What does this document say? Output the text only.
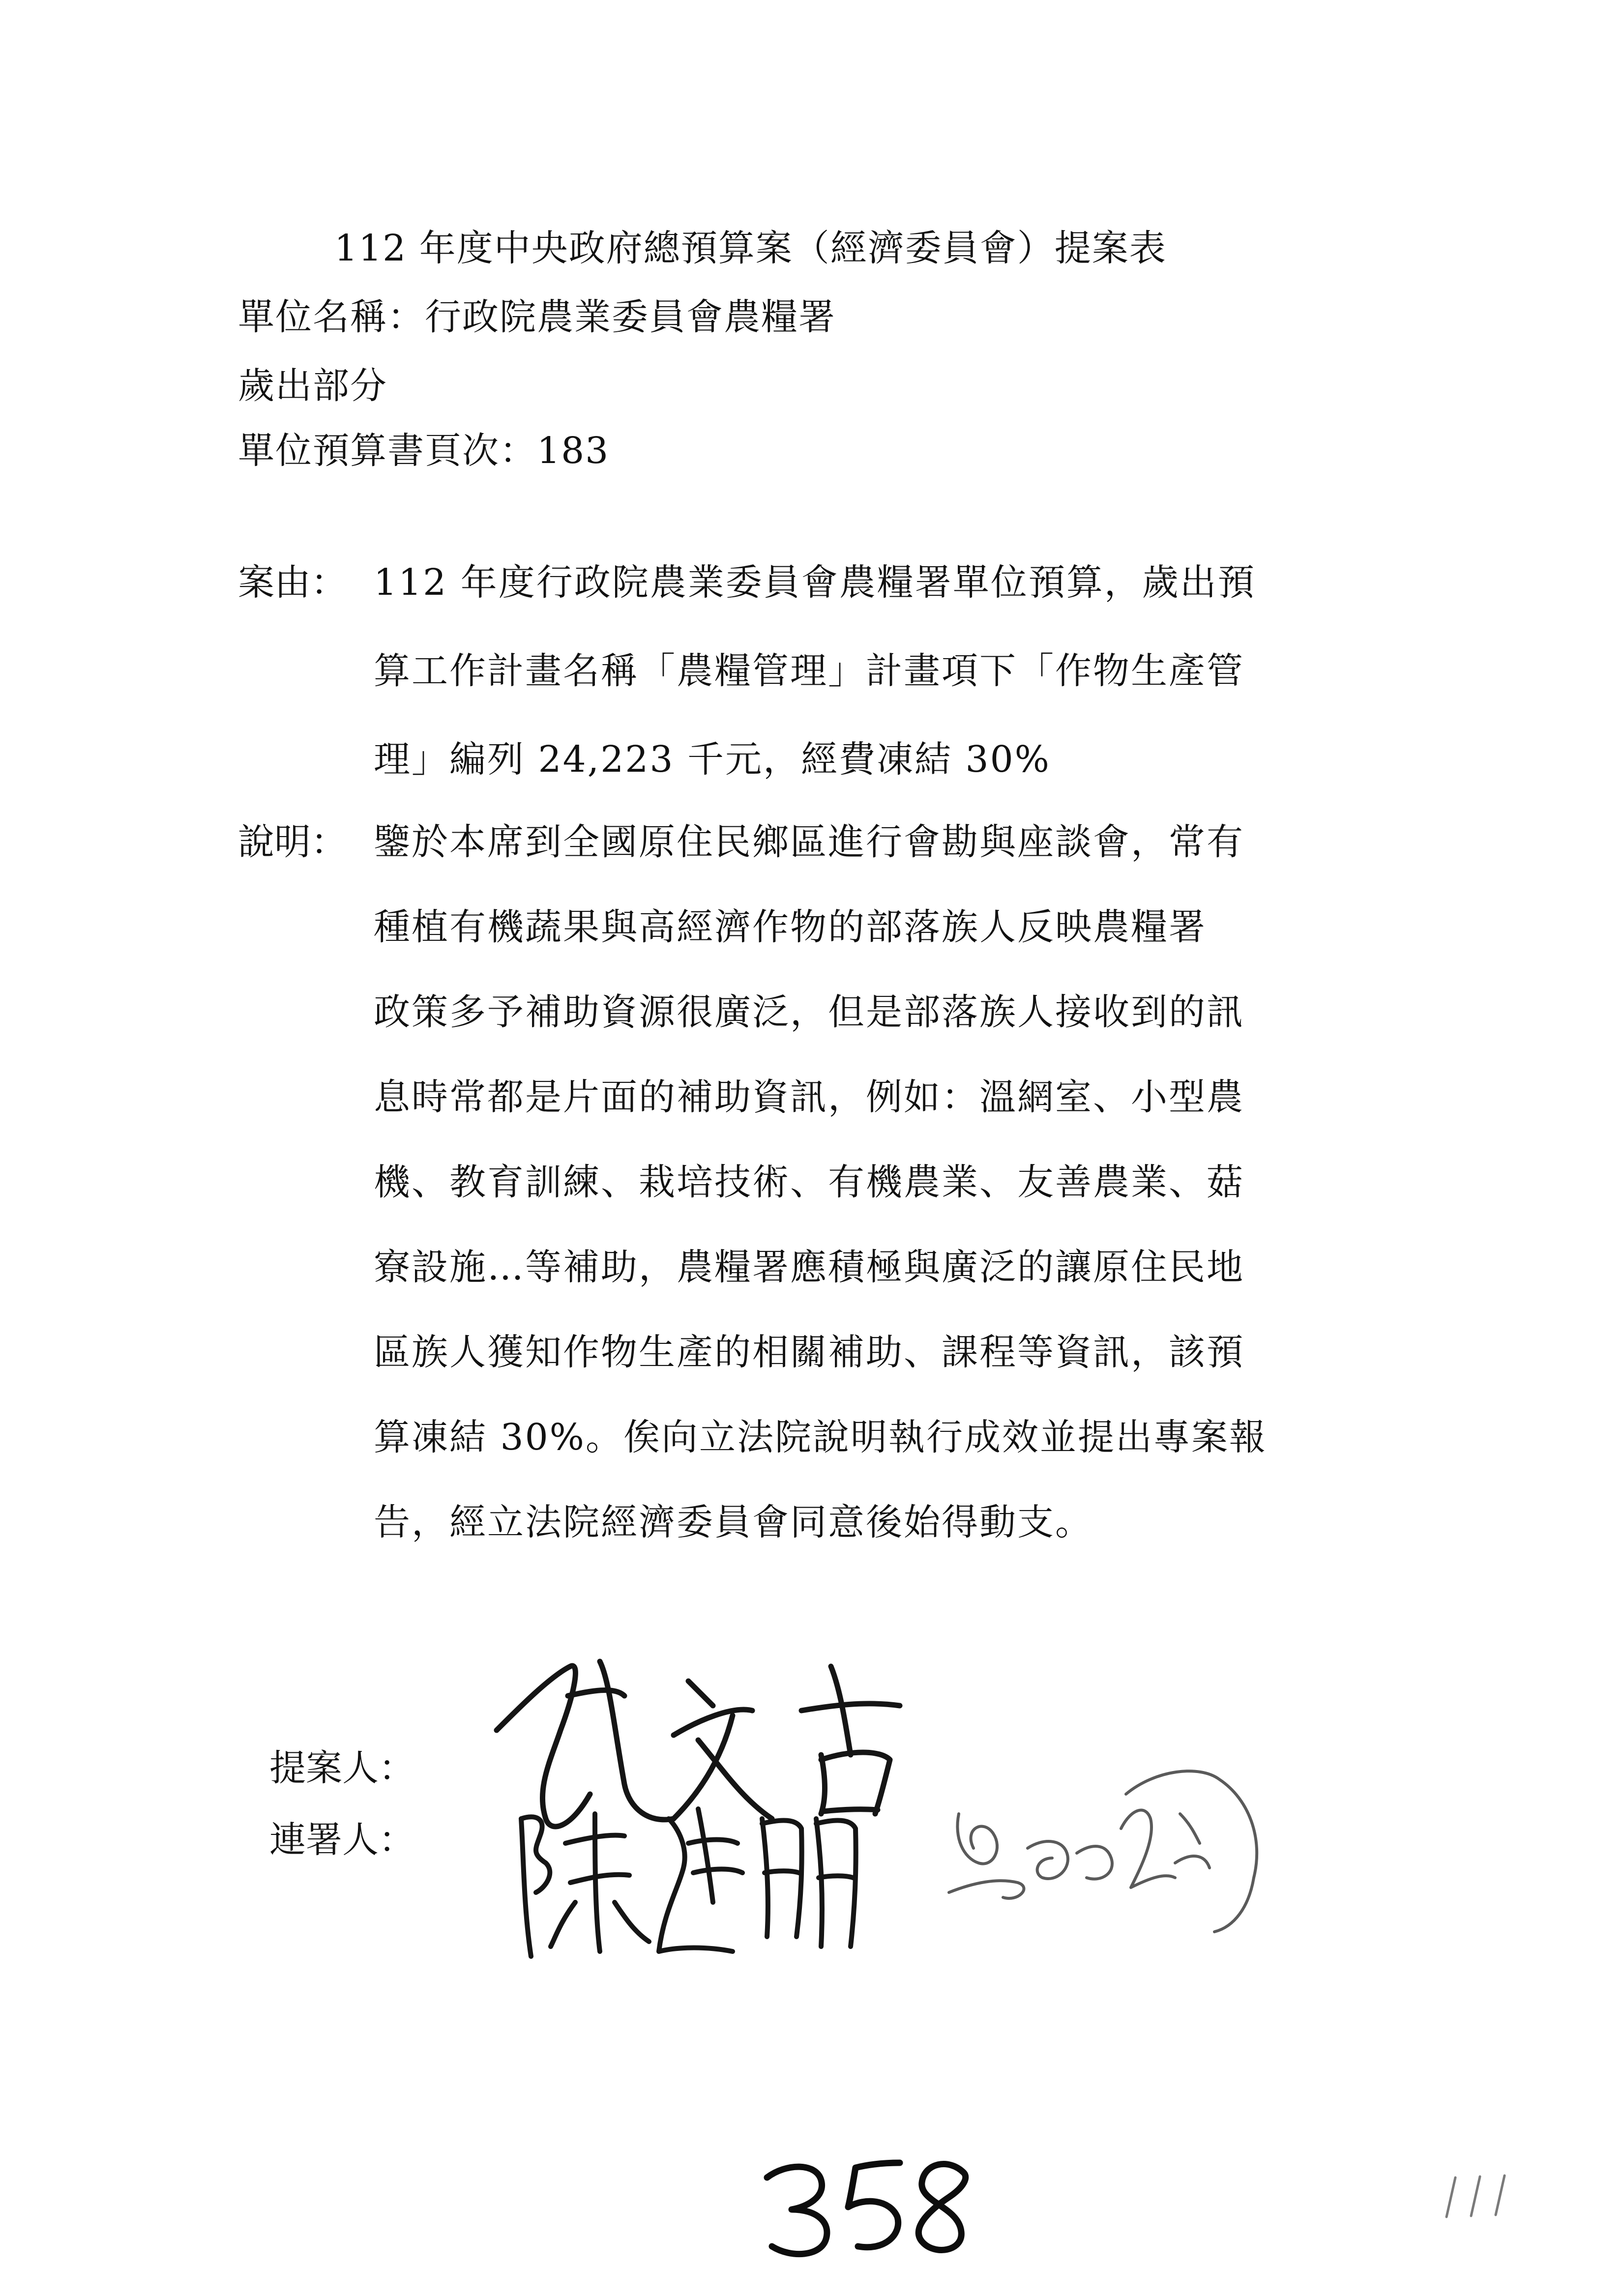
112 年度中央政府總預算案（經濟委員會）提案表
單位名稱：行政院農業委員會農糧署
歲出部分
單位預算書頁次：183
案由： 112 年度行政院農業委員會農糧署單位預算，歲出預
算工作計畫名稱「農糧管理」計畫項下「作物生產管
理」編列 24,223 千元，經費凍結 30%
說明： 鑒於本席到全國原住民鄉區進行會勘與座談會，常有
種植有機蔬果與高經濟作物的部落族人反映農糧署
政策多予補助資源很廣泛，但是部落族人接收到的訊
息時常都是片面的補助資訊，例如：溫網室、小型農
機、教育訓練、栽培技術、有機農業、友善農業、菇
寮設施…等補助，農糧署應積極與廣泛的讓原住民地
區族人獲知作物生產的相關補助、課程等資訊，該預
算凍結 30%。俟向立法院說明執行成效並提出專案報
告，經立法院經濟委員會同意後始得動支。
提案人：
連署人：
